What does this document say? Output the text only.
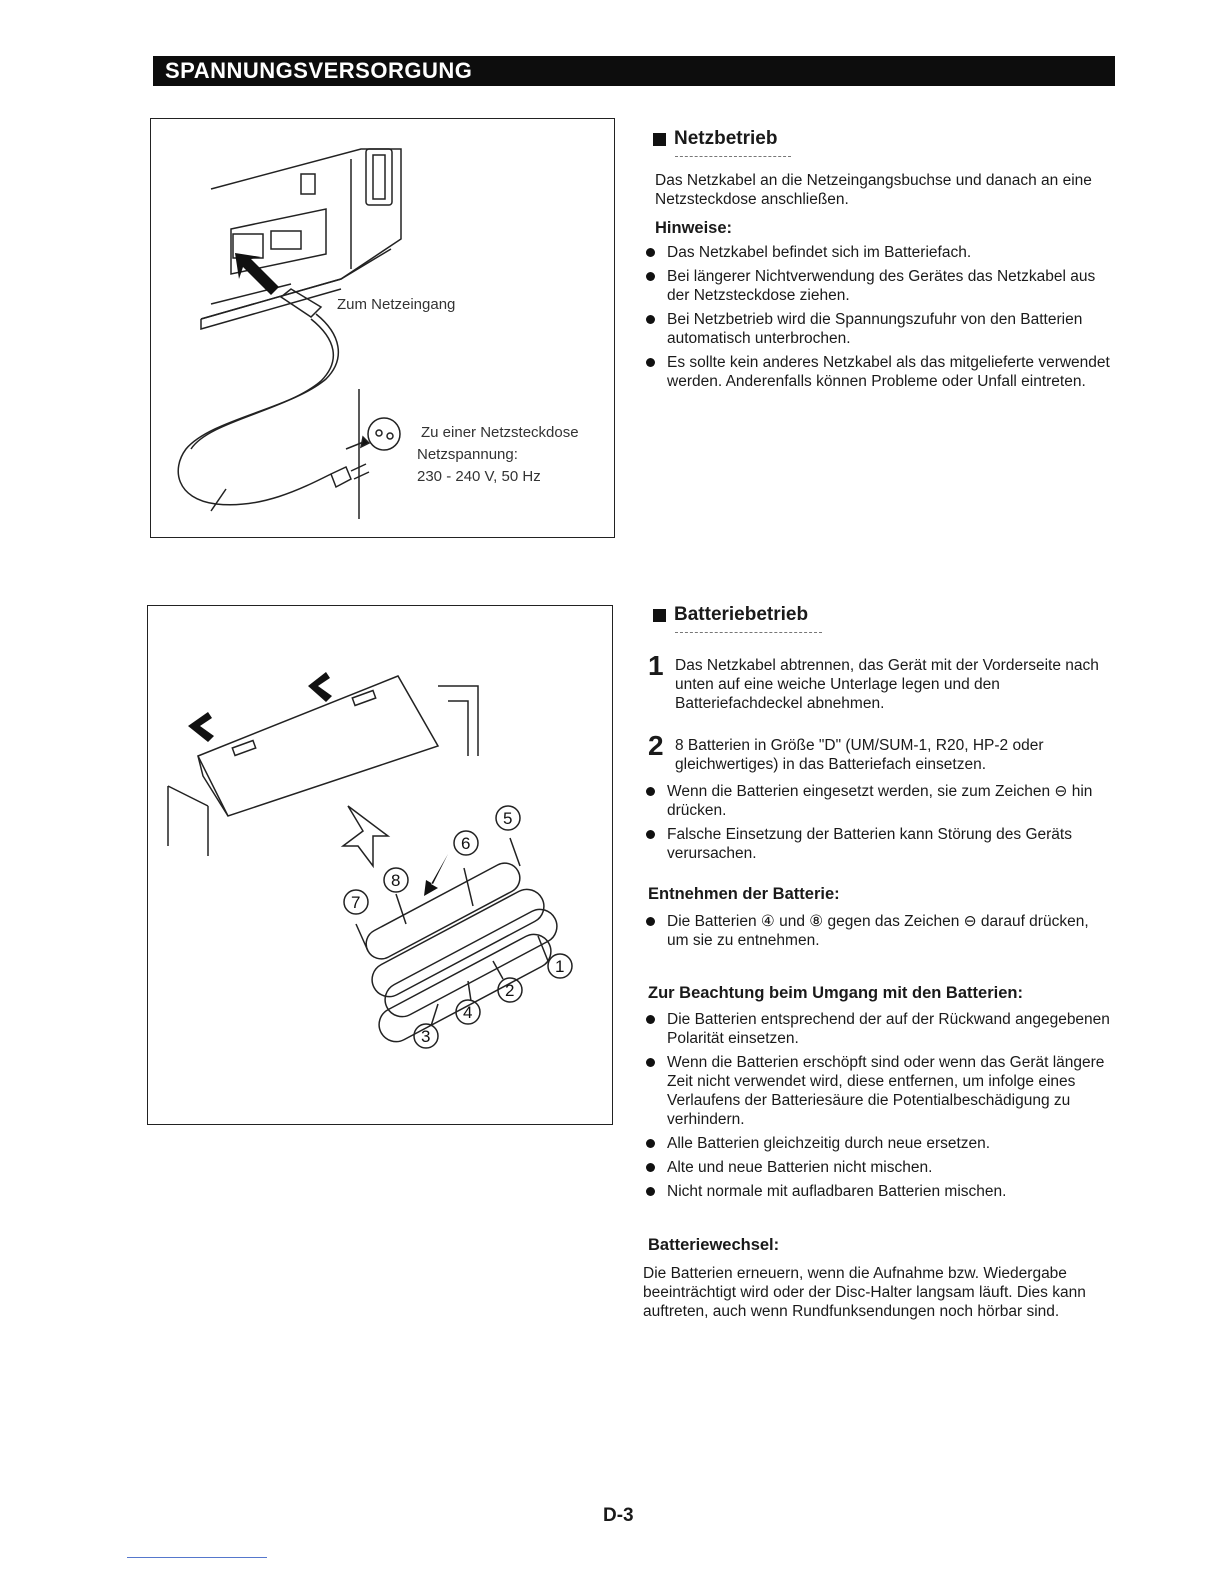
SPANNUNGSVERSORGUNG
Zum Netzeingang
Zu einer Netzsteckdose
Netzspannung:
230 - 240 V, 50 Hz
1
2
3
4
5
6
7
8
Netzbetrieb
Das Netzkabel an die Netzeingangsbuchse und danach an eine Netzsteckdose anschließen.
Hinweise:
Das Netzkabel befindet sich im Batteriefach.
Bei längerer Nichtverwendung des Gerätes das Netzkabel aus der Netzsteckdose ziehen.
Bei Netzbetrieb wird die Spannungszufuhr von den Batterien automatisch unterbrochen.
Es sollte kein anderes Netzkabel als das mitgelieferte verwendet werden. Anderenfalls können Probleme oder Unfall eintreten.
Batteriebetrieb
1 Das Netzkabel abtrennen, das Gerät mit der Vorderseite nach unten auf eine weiche Unterlage legen und den Batteriefachdeckel abnehmen.
2 8 Batterien in Größe "D" (UM/SUM-1, R20, HP-2 oder gleichwertiges) in das Batteriefach einsetzen.
Wenn die Batterien eingesetzt werden, sie zum Zeichen ⊖ hin drücken.
Falsche Einsetzung der Batterien kann Störung des Geräts verursachen.
Entnehmen der Batterie:
Die Batterien ④ und ⑧ gegen das Zeichen ⊖ darauf drücken, um sie zu entnehmen.
Zur Beachtung beim Umgang mit den Batterien:
Die Batterien entsprechend der auf der Rückwand angegebenen Polarität einsetzen.
Wenn die Batterien erschöpft sind oder wenn das Gerät längere Zeit nicht verwendet wird, diese entfernen, um infolge eines Verlaufens der Batteriesäure die Potentialbeschädigung zu verhindern.
Alle Batterien gleichzeitig durch neue ersetzen.
Alte und neue Batterien nicht mischen.
Nicht normale mit aufladbaren Batterien mischen.
Batteriewechsel:
Die Batterien erneuern, wenn die Aufnahme bzw. Wiedergabe beeinträchtigt wird oder der Disc-Halter langsam läuft. Dies kann auftreten, auch wenn Rundfunksendungen noch hörbar sind.
D-3
